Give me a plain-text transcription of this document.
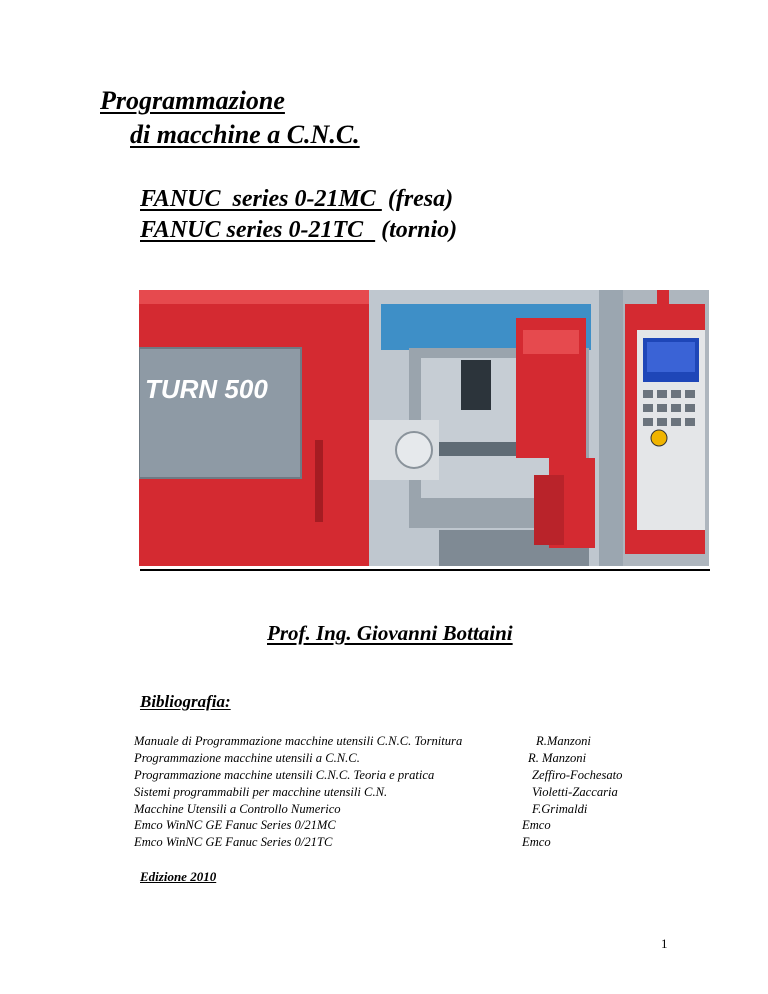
Programmazione
di macchine a C.N.C.
FANUC  series 0-21MC  (fresa)
FANUC series 0-21TC   (tornio)
TURN 500
Prof. Ing. Giovanni Bottaini
Bibliografia:
Manuale di Programmazione macchine utensili C.N.C. Tornitura	R.Manzoni
Programmazione macchine utensili a C.N.C.	R. Manzoni
Programmazione macchine utensili C.N.C. Teoria e pratica	Zeffiro-Fochesato
Sistemi programmabili per macchine utensili C.N.	Violetti-Zaccaria
Macchine Utensili a Controllo Numerico	F.Grimaldi
Emco WinNC GE Fanuc Series 0/21MC	Emco
Emco WinNC GE Fanuc Series 0/21TC	Emco
Edizione 2010
1
